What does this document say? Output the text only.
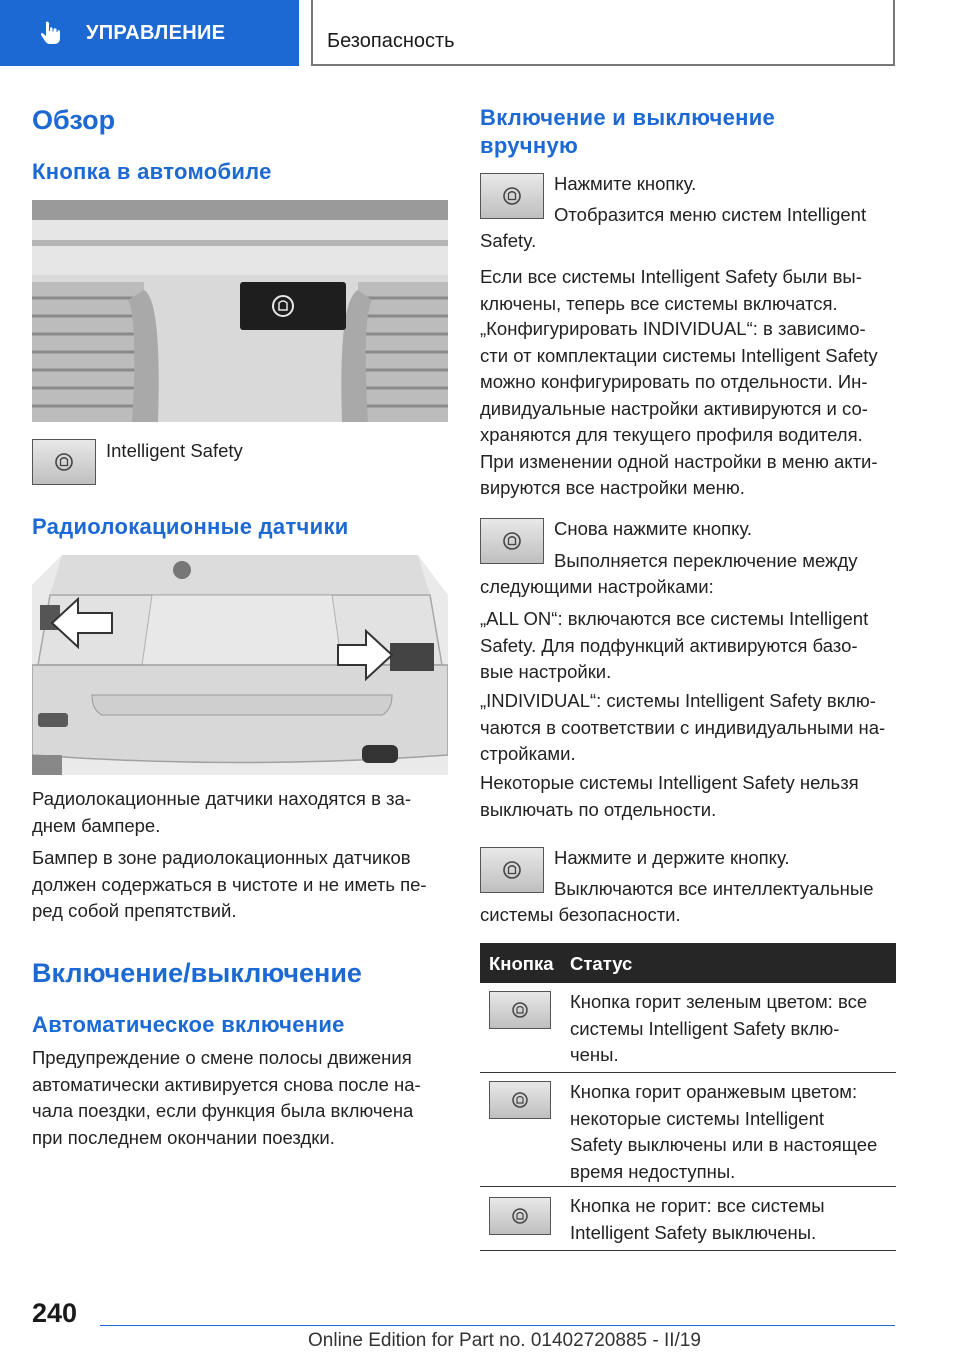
УПРАВЛЕНИЕ	Безопасность
Обзор
Кнопка в автомобиле
Intelligent Safety
Радиолокационные датчики
Радиолокационные датчики находятся в за-
днем бампере.
Бампер в зоне радиолокационных датчиков
должен содержаться в чистоте и не иметь пе-
ред собой препятствий.
Включение/выключение
Автоматическое включение
Предупреждение о смене полосы движения
автоматически активируется снова после на-
чала поездки, если функция была включена
при последнем окончании поездки.
Включение и выключение
вручную
Нажмите кнопку.
Отобразится меню систем Intelligent
Safety.
Если все системы Intelligent Safety были вы-
ключены, теперь все системы включатся.
„Конфигурировать INDIVIDUAL“: в зависимо-
сти от комплектации системы Intelligent Safety
можно конфигурировать по отдельности. Ин-
дивидуальные настройки активируются и со-
храняются для текущего профиля водителя.
При изменении одной настройки в меню акти-
вируются все настройки меню.
Снова нажмите кнопку.
Выполняется переключение между
следующими настройками:
„ALL ON“: включаются все системы Intelligent
Safety. Для подфункций активируются базо-
вые настройки.
„INDIVIDUAL“: системы Intelligent Safety вклю-
чаются в соответствии с индивидуальными на-
стройками.
Некоторые системы Intelligent Safety нельзя
выключать по отдельности.
Нажмите и держите кнопку.
Выключаются все интеллектуальные
системы безопасности.
Кнопка Статус
Кнопка горит зеленым цветом: все
системы Intelligent Safety вклю-
чены.
Кнопка горит оранжевым цветом:
некоторые системы Intelligent
Safety выключены или в настоящее
время недоступны.
Кнопка не горит: все системы
Intelligent Safety выключены.
240
Online Edition for Part no. 01402720885 - II/19
